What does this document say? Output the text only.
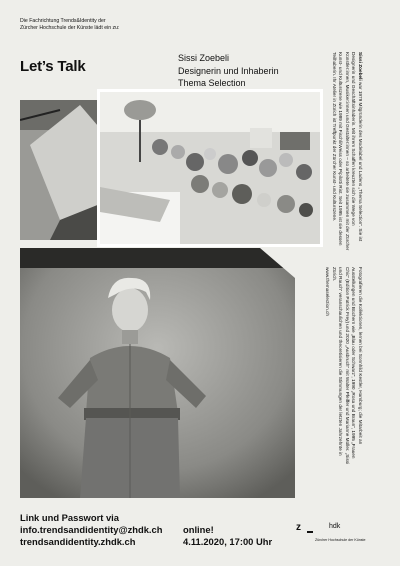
Die Fachrichtung Trends&Identity der
Zürcher Hochschule der Künste lädt ein zu:
Let’s Talk	Sissi Zoebeli
Designerin und Inhaberin
Thema Selection

Sissi Zoebeli war 1979 Mitgründerin des Modelabel und Ladens „Thema Selection“. Sie ist Designerin und Geschäftsinhaberin. Mit ihrem Schaffen kreuzten sich die Wege von Künstler:innen, Musiker:innen und Gestalter:innen – so arbeitete sie zusammen mit der Zürcher Kunst- und Kulturszene wie 1989 mit Fischli/Weiss oder Pipilotti Rist. Seit 1995 ist sie dessen Teilhaberin. Ihr Atelier in Zürich ist Treffpunkt der Zürcher Kunst- und Kulturszene.

Fotografieren die Kollektionen, lernen bei Sonnhild Kestler, Hamburg; die Mitarbeit an Ausstellungen und Büchern wie „Blau oder Schwarz“, 1990 „Rosa und Braun“, 1995 „Frauen Chic“ (Edition Patrick Frey) und 2020 „Ausbruch“ mit Walter Pfeiffer und Marianne Müller. „Sissi und Rauch“ veranschaulichen und theoretisieren die Stimmungen der letzten Jahrzehnte in Zürich.

www.themaselection.ch

Link und Passwort via
info.trendsandidentity@zhdk.ch
trendsandidentity.zhdk.ch
online!
4.11.2020, 17:00 Uhr
z	hdk
Zürcher Hochschule der Künste
